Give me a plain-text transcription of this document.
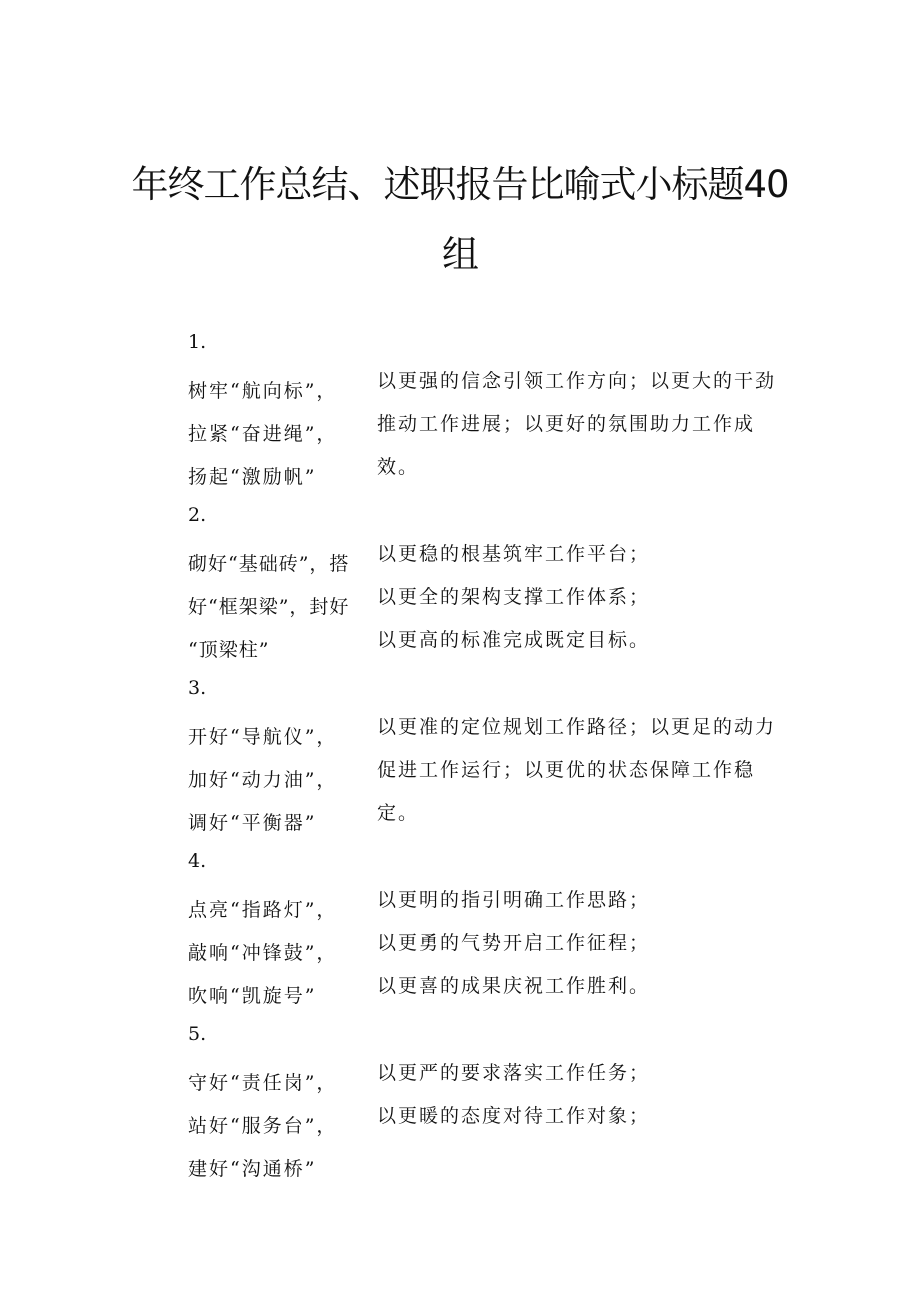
年终工作总结、述职报告比喻式小标题40
组
1.
树牢“航向标”，
拉紧“奋进绳”，
扬起“激励帆”
以更强的信念引领工作方向；以更大的干劲
推动工作进展；以更好的氛围助力工作成
效。
2.
砌好“基础砖”，搭
好“框架梁”，封好
“顶梁柱”
以更稳的根基筑牢工作平台；
以更全的架构支撑工作体系；
以更高的标准完成既定目标。
3.
开好“导航仪”，
加好“动力油”，
调好“平衡器”
以更准的定位规划工作路径；以更足的动力
促进工作运行；以更优的状态保障工作稳
定。
4.
点亮“指路灯”，
敲响“冲锋鼓”，
吹响“凯旋号”
以更明的指引明确工作思路；
以更勇的气势开启工作征程；
以更喜的成果庆祝工作胜利。
5.
守好“责任岗”，
站好“服务台”，
建好“沟通桥”
以更严的要求落实工作任务；
以更暖的态度对待工作对象；
